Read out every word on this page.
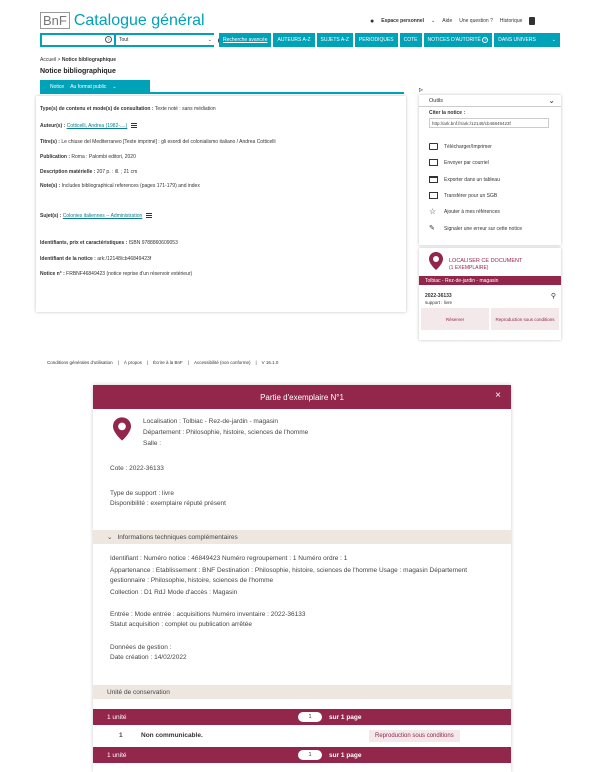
BnF Catalogue général	● Espace personnel ⌄ Aide Une question ? Historique
?	Tout	⌄ Recherche avancée AUTEURS A-Z SUJETS A-Z PERIODIQUES COTE NOTICES D'AUTORITÉ
?	DANS UNIVERS	⌄
Accueil > Notice bibliographique
Notice bibliographique
Notice Au format public ⌄
Type(s) de contenu et mode(s) de consultation : Texte noté : sans médiation
Auteur(s) : Cotticelli, Andrea (1982-....)
Titre(s) : Le chiuse del Mediterraneo [Texte imprimé] : gli esordi del colonialismo italiano / Andrea Cotticelli
Publication : Roma : Palombi editori, 2020
Description matérielle : 207 p. : ill. ; 21 cm
Note(s) : Includes bibliographical references (pages 171-179) and index
Sujet(s) : Colonies italiennes -- Administration
Identifiants, prix et caractéristiques : ISBN 9788860609053
Identifiant de la notice : ark:/12148/cb46849423f
Notice n° : FRBNF46849423 (notice reprise d'un réservoir extérieur)
▹
Outils	⌄
Citer la notice :
http://ark.bnf.fr/ark:/12148/cb46849423f
Télécharger/Imprimer
Envoyer par courriel
Exporter dans un tableau
Transférer pour un SGB
☆	Ajouter à mes références
✎	Signaler une erreur sur cette notice
LOCALISER CE DOCUMENT
(1 EXEMPLAIRE)
Tolbiac - Rez-de-jardin - magasin
2022-36133	⚲
support : livre
Réserver	Reproduction sous conditions
Conditions générales d'utilisation | À propos | Écrire à la BnF | Accessibilité (non conforme) | V 16.1.0
Partie d'exemplaire N°1	×
Localisation : Tolbiac - Rez-de-jardin - magasin
Département : Philosophie, histoire, sciences de l'homme
Salle :
Cote : 2022-36133
Type de support : livre
Disponibilité : exemplaire réputé présent
⌄ Informations techniques complémentaires
Identifiant : Numéro notice : 46849423 Numéro regroupement : 1 Numéro ordre : 1
Appartenance : Etablissement : BNF Destination : Philosophie, histoire, sciences de l'homme Usage : magasin Département
gestionnaire : Philosophie, histoire, sciences de l'homme
Collection : D1 RdJ Mode d'accès : Magasin
Entrée : Mode entrée : acquisitions Numéro inventaire : 2022-36133
Statut acquisition : complet ou publication arrêtée
Données de gestion :
Date création : 14/02/2022
Unité de conservation
1 unité	1	sur 1 page
1	Non communicable.	Reproduction sous conditions
1 unité	1	sur 1 page
